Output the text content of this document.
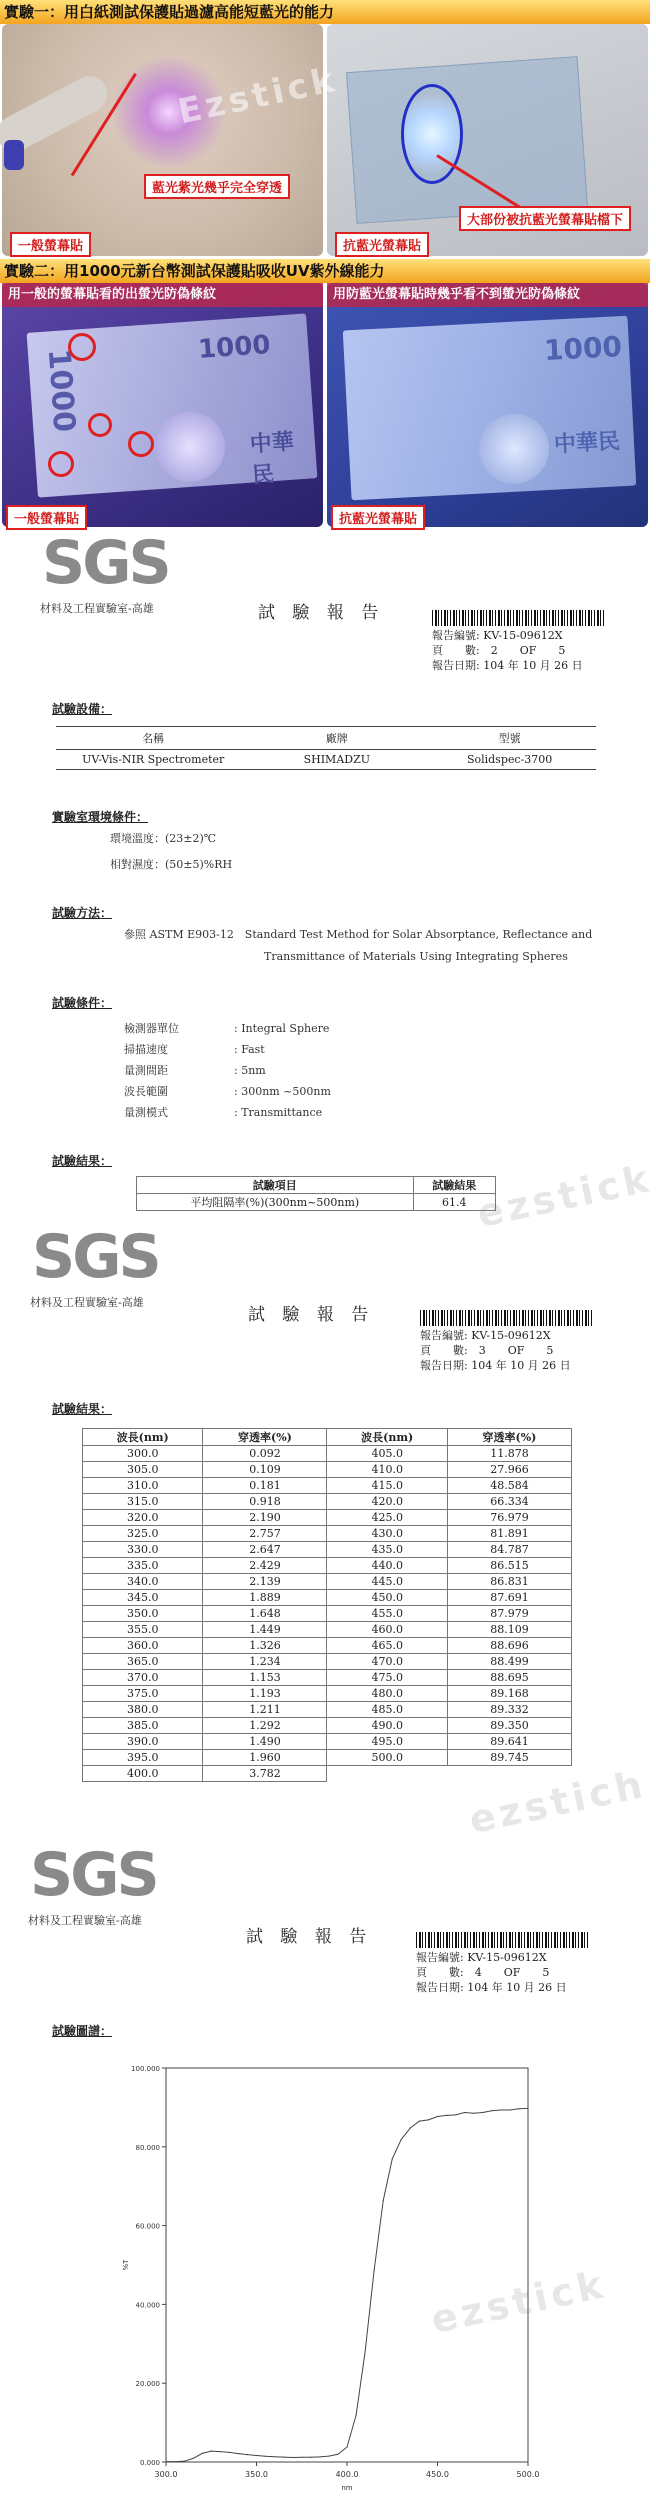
實驗一：用白紙測試保護貼過濾高能短藍光的能力
藍光紫光幾乎完全穿透
一般螢幕貼
Ezstick
大部份被抗藍光螢幕貼檔下
抗藍光螢幕貼
實驗二：用1000元新台幣測試保護貼吸收UV紫外線能力
用一般的螢幕貼看的出螢光防偽條紋
1000
1000
中華民
一般螢幕貼
用防藍光螢幕貼時幾乎看不到螢光防偽條紋
1000
中華民
抗藍光螢幕貼
SGS
材料及工程實驗室-高雄	試 驗 報 告
報告編號: KV-15-09612X
頁　　數:　2　　OF　　5
報告日期: 104 年 10 月 26 日
試驗設備：
名稱	廠牌	型號
UV-Vis-NIR Spectrometer	SHIMADZU	Solidspec-3700
實驗室環境條件：
環境溫度：(23±2)℃
相對濕度：(50±5)%RH
試驗方法：
參照 ASTM E903-12　Standard Test Method for Solar Absorptance, Reflectance and
Transmittance of Materials Using Integrating Spheres
試驗條件：
檢測器單位	: Integral Sphere
掃描速度	: Fast
量測間距	: 5nm
波長範圍	: 300nm ~500nm
量測模式	: Transmittance
試驗結果：
試驗項目	試驗結果
平均阻隔率(%)(300nm~500nm)	61.4 ezstick
SGS
材料及工程實驗室-高雄
試 驗 報 告
報告編號: KV-15-09612X
頁　　數:　3　　OF　　5
報告日期: 104 年 10 月 26 日
試驗結果：
波長(nm)	穿透率(%)	波長(nm)	穿透率(%)
300.0	0.092	405.0	11.878
305.0	0.109	410.0	27.966
310.0	0.181	415.0	48.584
315.0	0.918	420.0	66.334
320.0	2.190	425.0	76.979
325.0	2.757	430.0	81.891
330.0	2.647	435.0	84.787
335.0	2.429	440.0	86.515
340.0	2.139	445.0	86.831
345.0	1.889	450.0	87.691
350.0	1.648	455.0	87.979
355.0	1.449	460.0	88.109
360.0	1.326	465.0	88.696
365.0	1.234	470.0	88.499
370.0	1.153	475.0	88.695
375.0	1.193	480.0	89.168
380.0	1.211	485.0	89.332
385.0	1.292	490.0	89.350
390.0	1.490	495.0	89.641
395.0	1.960	500.0	89.745
400.0	3.782			ezstich
SGS
材料及工程實驗室-高雄
試 驗 報 告
報告編號: KV-15-09612X
頁　　數:　4　　OF　　5
報告日期: 104 年 10 月 26 日
試驗圖譜：
300.0	350.0	400.0	450.0	500.0
0.000
20.000
40.000
60.000
80.000
100.000
nm
%T	ezstick
